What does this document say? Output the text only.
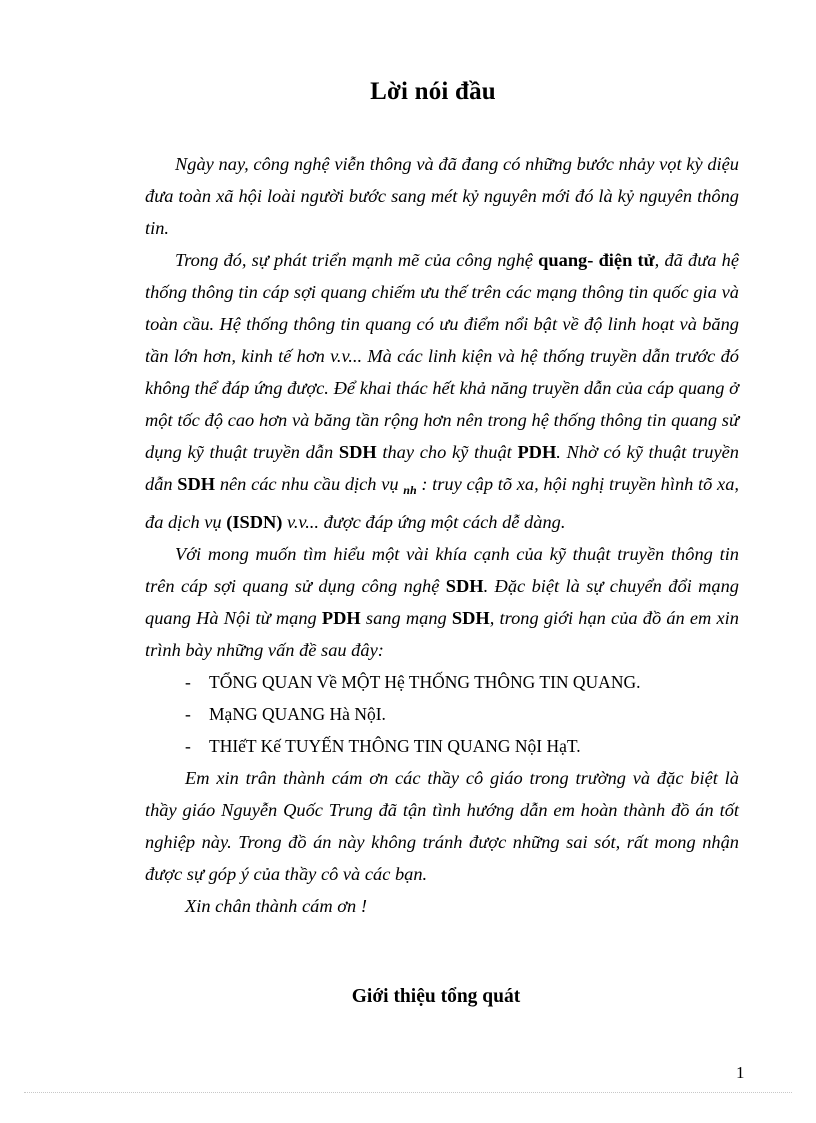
Lời nói đầu

Ngày nay, công nghệ viễn thông và đã đang có những bước nhảy vọt kỳ diệu đưa toàn xã hội loài người bước sang mét kỷ nguyên mới đó là kỷ nguyên thông tin.

Trong đó, sự phát triển mạnh mẽ của công nghệ quang- điện tử, đã đưa hệ thống thông tin cáp sợi quang chiếm ưu thế trên các mạng thông tin quốc gia và toàn cầu. Hệ thống thông tin quang có ưu điểm nổi bật về độ linh hoạt và băng tần lớn hơn, kinh tế hơn v.v... Mà các linh kiện và hệ thống truyền dẫn trước đó không thể đáp ứng được. Để khai thác hết khả năng truyền dẫn của cáp quang ở một tốc độ cao hơn và băng tần rộng hơn nên trong hệ thống thông tin quang sử dụng kỹ thuật truyền dẫn SDH thay cho kỹ thuật PDH. Nhờ có kỹ thuật truyền dẫn SDH nên các nhu cầu dịch vụ $_{nh}$ : truy cập tõ xa, hội nghị truyền hình tõ xa, đa dịch vụ (ISDN) v.v... được đáp ứng một cách dễ dàng.

Với mong muốn tìm hiểu một vài khía cạnh của kỹ thuật truyền thông tin trên cáp sợi quang sử dụng công nghệ SDH. Đặc biệt là sự chuyển đổi mạng quang Hà Nội từ mạng PDH sang mạng SDH, trong giới hạn của đồ án em xin trình bày những vấn đề sau đây:

- TỔNG QUAN Về MỘT Hệ THỐNG THÔNG TIN QUANG.
- MạNG QUANG Hà NộI.
- THIếT Kế TUYẾN THÔNG TIN QUANG NộI HạT.

Em xin trân thành cám ơn các thầy cô giáo trong trường và đặc biệt là thầy giáo Nguyễn Quốc Trung đã tận tình hướng dẫn em hoàn thành đồ án tốt nghiệp này. Trong đồ án này không tránh được những sai sót, rất mong nhận được sự góp ý của thầy cô và các bạn.

Xin chân thành cám ơn !

Giới thiệu tổng quát
1
